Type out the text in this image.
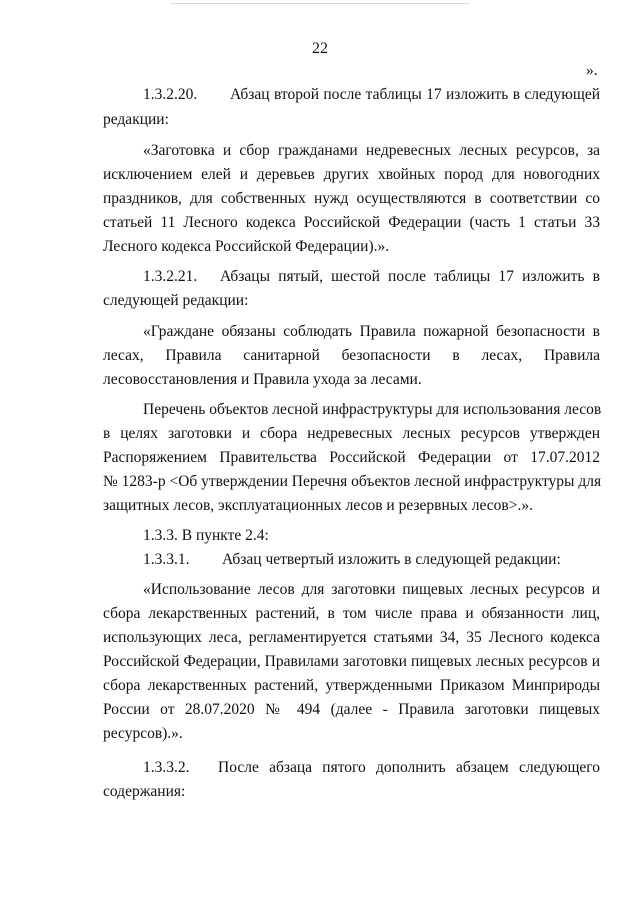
22
».
1.3.2.20. Абзац второй после таблицы 17 изложить в следующей
редакции:
«Заготовка и сбор гражданами недревесных лесных ресурсов, за
исключением елей и деревьев других хвойных пород для новогодних
праздников, для собственных нужд осуществляются в соответствии со
статьей 11 Лесного кодекса Российской Федерации (часть 1 статьи 33
Лесного кодекса Российской Федерации).».
1.3.2.21. Абзацы пятый, шестой после таблицы 17 изложить в
следующей редакции:
«Граждане обязаны соблюдать Правила пожарной безопасности в
лесах, Правила санитарной безопасности в лесах, Правила
лесовосстановления и Правила ухода за лесами.
Перечень объектов лесной инфраструктуры для использования лесов
в целях заготовки и сбора недревесных лесных ресурсов утвержден
Распоряжением Правительства Российской Федерации от 17.07.2012
№ 1283-р <Об утверждении Перечня объектов лесной инфраструктуры для
защитных лесов, эксплуатационных лесов и резервных лесов>.».
1.3.3. В пункте 2.4:
1.3.3.1. Абзац четвертый изложить в следующей редакции:
«Использование лесов для заготовки пищевых лесных ресурсов и
сбора лекарственных растений, в том числе права и обязанности лиц,
использующих леса, регламентируется статьями 34, 35 Лесного кодекса
Российской Федерации, Правилами заготовки пищевых лесных ресурсов и
сбора лекарственных растений, утвержденными Приказом Минприроды
России от 28.07.2020 № 494 (далее - Правила заготовки пищевых
ресурсов).».
1.3.3.2. После абзаца пятого дополнить абзацем следующего
содержания:
